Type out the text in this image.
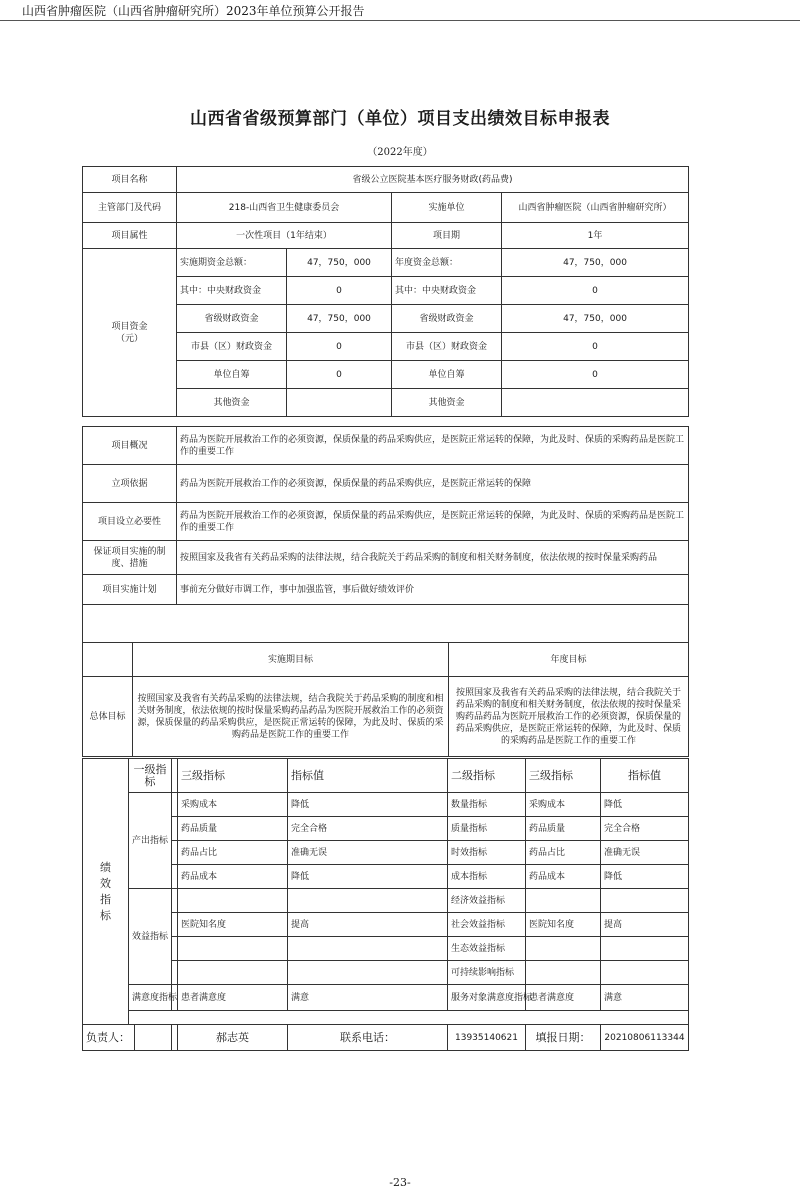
山西省肿瘤医院（山西省肿瘤研究所）2023年单位预算公开报告
山西省省级预算部门（单位）项目支出绩效目标申报表
（2022年度）
项目名称	省级公立医院基本医疗服务财政(药品费)			
主管部门及代码	218-山西省卫生健康委员会		实施单位	山西省肿瘤医院（山西省肿瘤研究所）
项目属性	一次性项目（1年结束）		项目期	1年
项目资金
（元）	实施期资金总额：	47，750，000	年度资金总额：	47，750，000
	其中：中央财政资金	0	其中：中央财政资金	0
	省级财政资金	47，750，000	省级财政资金	47，750，000
	市县（区）财政资金	0	市县（区）财政资金	0
	单位自筹	0	单位自筹	0
	其他资金		其他资金	
项目概况	药品为医院开展救治工作的必须资源，保质保量的药品采购供应，是医院正常运转的保障，为此及时、保质的采购药品是医院工作的重要工作
立项依据	药品为医院开展救治工作的必须资源，保质保量的药品采购供应，是医院正常运转的保障
项目设立必要性	药品为医院开展救治工作的必须资源，保质保量的药品采购供应，是医院正常运转的保障，为此及时、保质的采购药品是医院工作的重要工作
保证项目实施的制度、措施	按照国家及我省有关药品采购的法律法规，结合我院关于药品采购的制度和相关财务制度，依法依规的按时保量采购药品
项目实施计划	事前充分做好市调工作，事中加强监管，事后做好绩效评价

	实施期目标	年度目标
总体目标	按照国家及我省有关药品采购的法律法规，结合我院关于药品采购的制度和相关财务制度，依法依规的按时保量采购药品药品为医院开展救治工作的必须资源，保质保量的药品采购供应，是医院正常运转的保障，为此及时、保质的采购药品是医院工作的重要工作	按照国家及我省有关药品采购的法律法规，结合我院关于药品采购的制度和相关财务制度，依法依规的按时保量采购药品药品为医院开展救治工作的必须资源，保质保量的药品采购供应，是医院正常运转的保障，为此及时、保质的采购药品是医院工作的重要工作
绩
效
指
标	一级指标		三级指标	指标值	二级指标	三级指标	指标值
	产出指标		采购成本	降低	数量指标	采购成本	降低
			药品质量	完全合格	质量指标	药品质量	完全合格
			药品占比	准确无误	时效指标	药品占比	准确无误
			药品成本	降低	成本指标	药品成本	降低
	效益指标				经济效益指标		
			医院知名度	提高	社会效益指标	医院知名度	提高
					生态效益指标		
					可持续影响指标		
	满意度指标		患者满意度	满意	服务对象满意度指标	患者满意度	满意

负责人：			郝志英	联系电话：	13935140621	填报日期：	20210806113344
-23-
